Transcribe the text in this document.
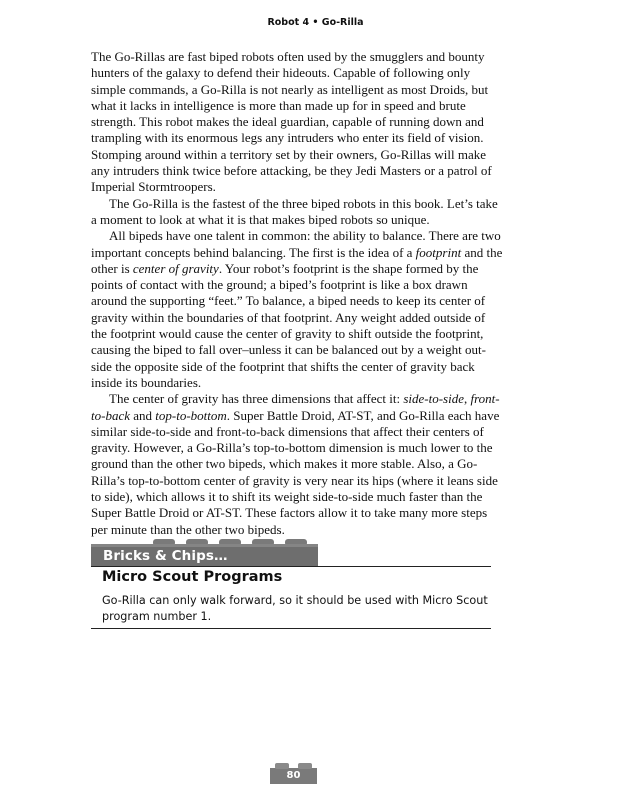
Robot 4 • Go-Rilla

The Go-Rillas are fast biped robots often used by the smugglers and bounty hunters of the galaxy to defend their hideouts. Capable of following only simple commands, a Go-Rilla is not nearly as intelligent as most Droids, but what it lacks in intelligence is more than made up for in speed and brute strength. This robot makes the ideal guardian, capable of running down and trampling with its enormous legs any intruders who enter its field of vision. Stomping around within a territory set by their owners, Go-Rillas will make any intruders think twice before attacking, be they Jedi Masters or a patrol of Imperial Stormtroopers.

The Go-Rilla is the fastest of the three biped robots in this book. Let’s take a moment to look at what it is that makes biped robots so unique.

All bipeds have one talent in common: the ability to balance. There are two important concepts behind balancing. The first is the idea of a footprint and the other is center of gravity. Your robot’s footprint is the shape formed by the points of contact with the ground; a biped’s footprint is like a box drawn around the supporting “feet.” To balance, a biped needs to keep its center of gravity within the boundaries of that footprint. Any weight added outside of the footprint would cause the center of gravity to shift outside the footprint, causing the biped to fall over–unless it can be balanced out by a weight out-side the opposite side of the footprint that shifts the center of gravity back inside its boundaries.

The center of gravity has three dimensions that affect it: side-to-side, front-to-back and top-to-bottom. Super Battle Droid, AT-ST, and Go-Rilla each have similar side-to-side and front-to-back dimensions that affect their centers of gravity. However, a Go-Rilla’s top-to-bottom dimension is much lower to the ground than the other two bipeds, which makes it more stable. Also, a Go-Rilla’s top-to-bottom center of gravity is very near its hips (where it leans side to side), which allows it to shift its weight side-to-side much faster than the Super Battle Droid or AT-ST. These factors allow it to take many more steps per minute than the other two bipeds.

Bricks & Chips…
Micro Scout Programs
Go-Rilla can only walk forward, so it should be used with Micro Scout program number 1.
80
